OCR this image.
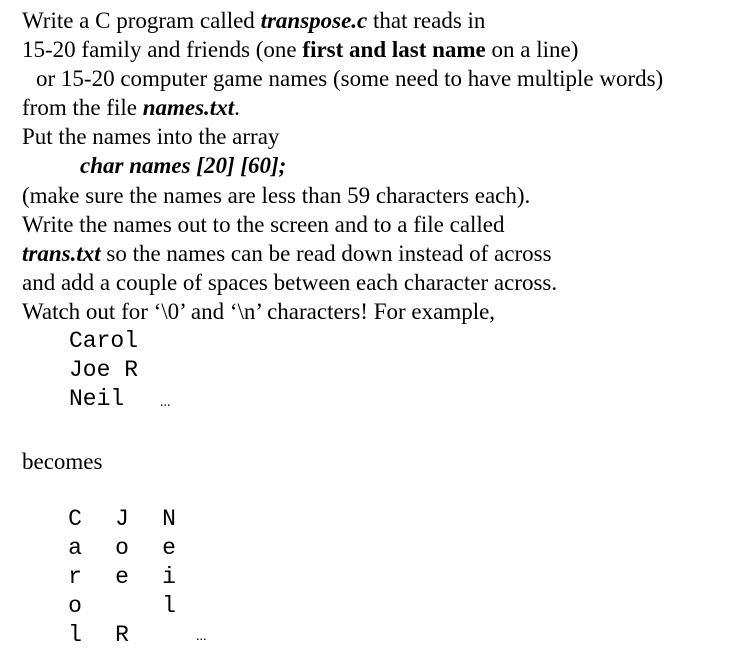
Write a C program called transpose.c that reads in
15-20 family and friends (one first and last name on a line)
or 15-20 computer game names (some need to have multiple words)
from the file names.txt.
Put the names into the array
char names [20] [60];
(make sure the names are less than 59 characters each).
Write the names out to the screen and to a file called
trans.txt so the names can be read down instead of across
and add a couple of spaces between each character across.
Watch out for ‘\0’ and ‘\n’ characters! For example,
Carol
Joe R
Neil	...
becomes
C
a
r
o
l
J
o
e
R
N
e
i
l
...
